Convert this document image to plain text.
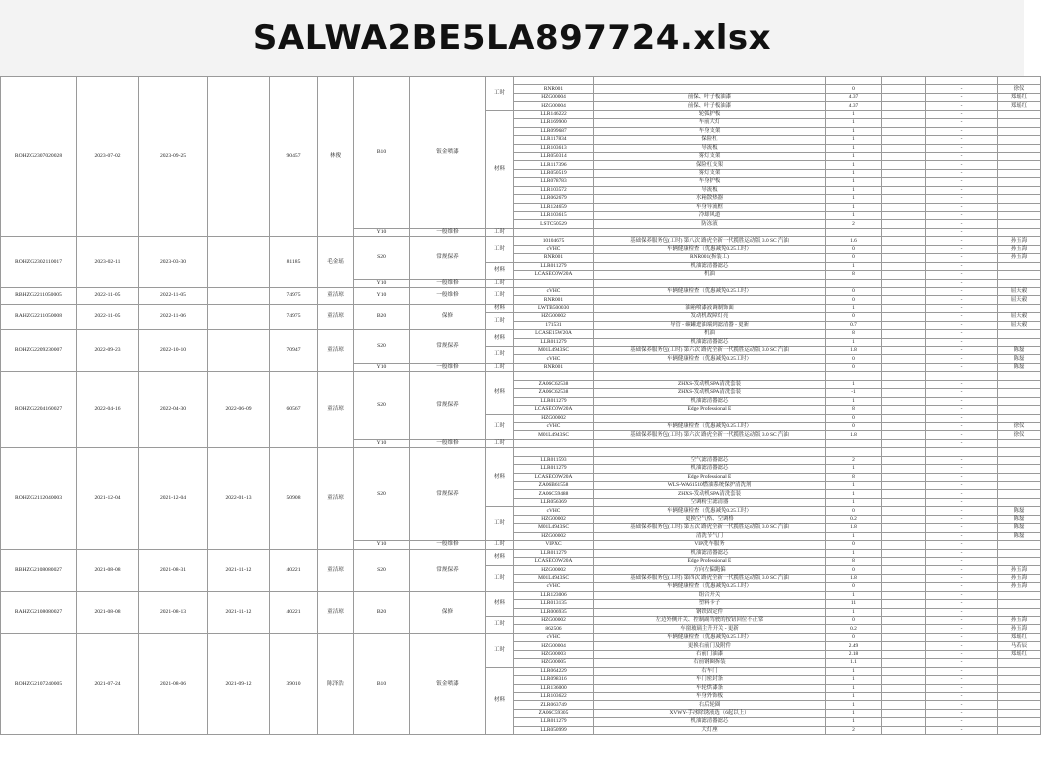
SALWA2BE5LA897724.xlsx
ROHZG2307020028	2023-07-02	2023-09-25		90457	林俊	B10	钣金喷漆	工时						
									RNR001		0		-	徐仪
									HZG00004	前保、叶子板油漆	4.37		-	郑瑶红
									HZG00004	前保、叶子板油漆	4.37		-	郑瑶红
								材料	LLR146222	轮弧护板	1		-	
									LLR169900	车前大灯	1		-	
									LLR099687	车身支架	1		-	
									LLR117834	保险杠	1		-	
									LLR103613	导流板	1		-	
									LLR050314	雾灯支架	1		-	
									LLR117396	保险杠支架	1		-	
									LLR050519	雾灯支架	1		-	
									LLR078783	车身护板	1		-	
									LLR103572	导流板	1		-	
									LLR062679	水箱散热器	1		-	
									LLR124659	车身导流框	1		-	
									LLR103615	冷却风道	1		-	
									LSTC50529	防冻液	2		-	
						Y10	一般维修	工时					-	
ROHZG2302110017	2023-02-11	2023-03-30		81185	毛金瑶	S20	常规保养	工时	10104675	基础保养服务包(工时) 第八次 路虎全新一代揽胜运动版 3.0 SC 汽油	1.6		-	孙玉海
									cVHC	车辆健康检查（优惠减免0.25工时）	0		-	孙玉海
									RNR001	RNR001(拆装工)	0		-	孙玉海
								材料	LLR011279	机油滤清器滤芯	1		-	
									LCASEC0W20A	机油	8		-	
						Y10	一般维修	工时					-	
RBHZG2211050005	2022-11-05	2022-11-05		74975	童洁琼	Y10	一般维修	工时	cVHC	车辆健康检查（优惠减免0.25工时）	0		-	屈天毅
									RNR001		0		-	屈天毅
RAHZG2211050008	2022-11-05	2022-11-06		74975	童洁琼	B20	保修	材料	LWTB500030	油箱喷漆液调制饰面	1		-	
								工时	HZG00002	发动机故障灯亮	0		-	屈天毅
									171531	导管 - 碳罐进油端到滤清器 - 更新	0.7		-	屈天毅
ROHZG2209230007	2022-09-23	2022-10-10		70947	童洁琼	S20	常规保养	材料	LCASE15W20A	机油	8		-	
									LLR011279	机油滤清器滤芯	1		-	
								工时	M01L4943SC	基础保养服务包(工时) 第六次 路虎全新一代揽胜运动版 3.0 SC 汽油	1.8		-	陈磊
									cVHC	车辆健康检查（优惠减免0.25工时）	0		-	陈磊
						Y10	一般维修	工时	RNR001		0		-	陈磊
ROHZG2204160027	2022-04-16	2022-04-30	2022-06-09	60567	童洁琼	S20	常规保养	材料						
									ZA06C62538	ZHXS-发动机SPA清洗套装	1		-	
									ZA06C62538	ZHXS-发动机SPA清洗套装	-1		-	
									LLR011279	机油滤清器滤芯	1		-	
									LCASEC0W20A	Edge Professional E	8		-	
								工时	HZG00002		0		-	
									cVHC	车辆健康检查（优惠减免0.25工时）	0		-	徐仪
									M01L4943SC	基础保养服务包(工时) 第六次 路虎全新一代揽胜运动版 3.0 SC 汽油	1.8		-	徐仪
						Y10	一般维修	工时					-	
ROHZG2112040003	2021-12-04	2021-12-04	2022-01-13	50908	童洁琼	S20	常规保养	材料						
									LLR011593	空气滤清器滤芯	2		-	
									LLR011279	机油滤清器滤芯	1		-	
									LCASEC0W20A	Edge Professional E	8		-	
									ZA06B61558	WLS-WA61510燃油系统保护清洗剂	1		-	
									ZA06C59488	ZHXS-发动机SPA清洗套装	1		-	
									LLR056369	空调粉尘滤清器	1		-	
								工时	cVHC	车辆健康检查（优惠减免0.25工时）	0		-	陈磊
									HZG00002	更换空气格、空调格	0.2		-	陈磊
									M01L4943SC	基础保养服务包(工时) 第五次 路虎全新一代揽胜运动版 3.0 SC 汽油	1.8		-	陈磊
									HZG00002	清洗节气门	1		-	陈磊
						Y10	一般维修	工时	VIPXC	VIP洗车服务	0		-	
RBHZG2108080027	2021-08-08	2021-08-31	2021-11-12	40221	童洁琼	S20	常规保养	材料	LLR011279	机油滤清器滤芯	1		-	
									LCASEC0W20A	Edge Professional E	8		-	
								工时	HZG00002	方向左偏跑偏	0		-	孙玉海
									M01L4943SC	基础保养服务包(工时) 第四次 路虎全新一代揽胜运动版 3.0 SC 汽油	1.8		-	孙玉海
									cVHC	车辆健康检查（优惠减免0.25工时）	0		-	孙玉海
RAHZG2108080027	2021-08-08	2021-08-13	2021-11-12	40221	童洁琼	B20	保修	材料	LLR123006	组合开关	1		-	
									LLR013135	塑料卡子	11		-	
									LLR006935	钢铁固定件	1		-	
								工时	HZG00002	左边外侧开关、控制副驾驶的按钮回位不正常	0		-	孙玉海
									862506	车窗玻璃主升开关 - 更新	0.2		-	孙玉海
ROHZG2107240005	2021-07-24	2021-08-06	2021-09-12	39010	陈泽浩	B10	钣金喷漆	工时	cVHC	车辆健康检查（优惠减免0.25工时）	0		-	郑瑶红
									HZG00004	更换右前门及附件	2.49		-	马若辰
									HZG00003	右前门油漆	2.18		-	郑瑶红
									HZG00005	右前钢圈拆装	1.1		-	
								材料	LLR064229	右车门	1		-	
									LLR098316	车门密封条	1		-	
									LLR136000	车轮烘漆条	1		-	
									LLR103622	车身外饰板	1		-	
									ZLR063749	右后轮圈	1		-	
									ZA06C59305	XVWY-手冰除锈液选（6起以上）	1		-	
									LLR011279	机油滤清器滤芯	1		-	
									LLR050999	大灯座	2		-	
